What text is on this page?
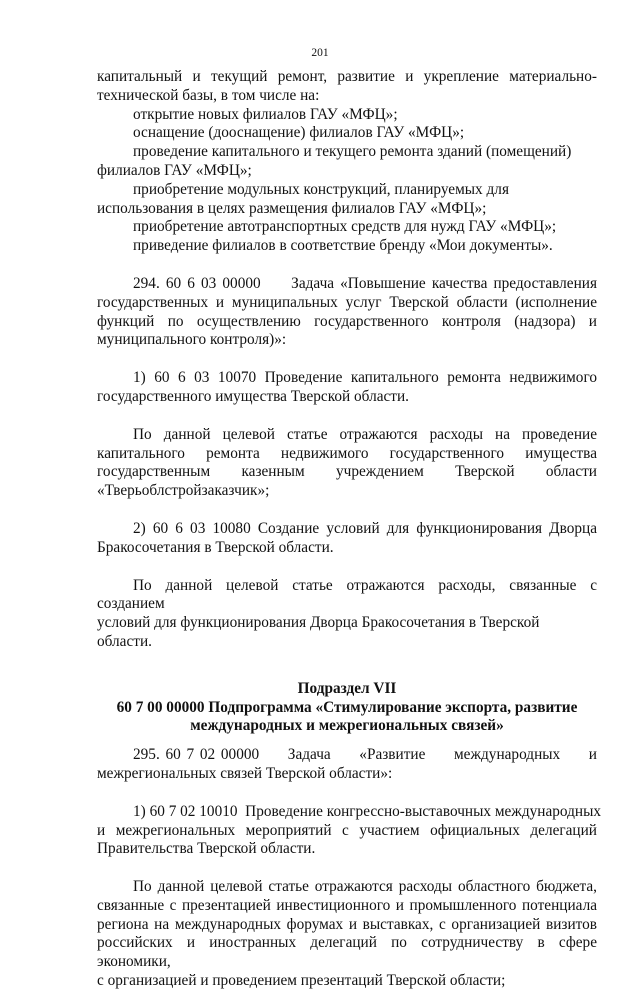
201

капитальный и текущий ремонт, развитие и укрепление материально-

технической базы, в том числе на:

открытие новых филиалов ГАУ «МФЦ»;

оснащение (дооснащение) филиалов ГАУ «МФЦ»;

проведение капитального и текущего ремонта зданий (помещений)

филиалов ГАУ «МФЦ»;

приобретение модульных конструкций, планируемых для

использования в целях размещения филиалов ГАУ «МФЦ»;

приобретение автотранспортных средств для нужд ГАУ «МФЦ»;

приведение филиалов в соответствие бренду «Мои документы».

294. 60 6 03 00000     Задача «Повышение качества предоставления

государственных и муниципальных услуг Тверской области (исполнение

функций по осуществлению государственного контроля (надзора) и

муниципального контроля)»:

1) 60 6 03 10070 Проведение капитального ремонта недвижимого

государственного имущества Тверской области.

По данной целевой статье отражаются расходы на проведение

капитального ремонта недвижимого государственного имущества

государственным казенным учреждением Тверской области

«Тверьоблстройзаказчик»;

2) 60 6 03 10080 Создание условий для функционирования Дворца

Бракосочетания в Тверской области.

По данной целевой статье отражаются расходы, связанные с созданием

условий для функционирования Дворца Бракосочетания в Тверской области.

Подраздел VII

60 7 00 00000 Подпрограмма «Стимулирование экспорта, развитие

международных и межрегиональных связей»

295. 60 7 02 00000     Задача     «Развитие     международных     и

межрегиональных связей Тверской области»:

1) 60 7 02 10010  Проведение конгрессно-выставочных международных

и межрегиональных мероприятий с участием официальных делегаций

Правительства Тверской области.

По данной целевой статье отражаются расходы областного бюджета,

связанные с презентацией инвестиционного и промышленного потенциала

региона на международных форумах и выставках, с организацией визитов

российских и иностранных делегаций по сотрудничеству в сфере экономики,

с организацией и проведением презентаций Тверской области;
